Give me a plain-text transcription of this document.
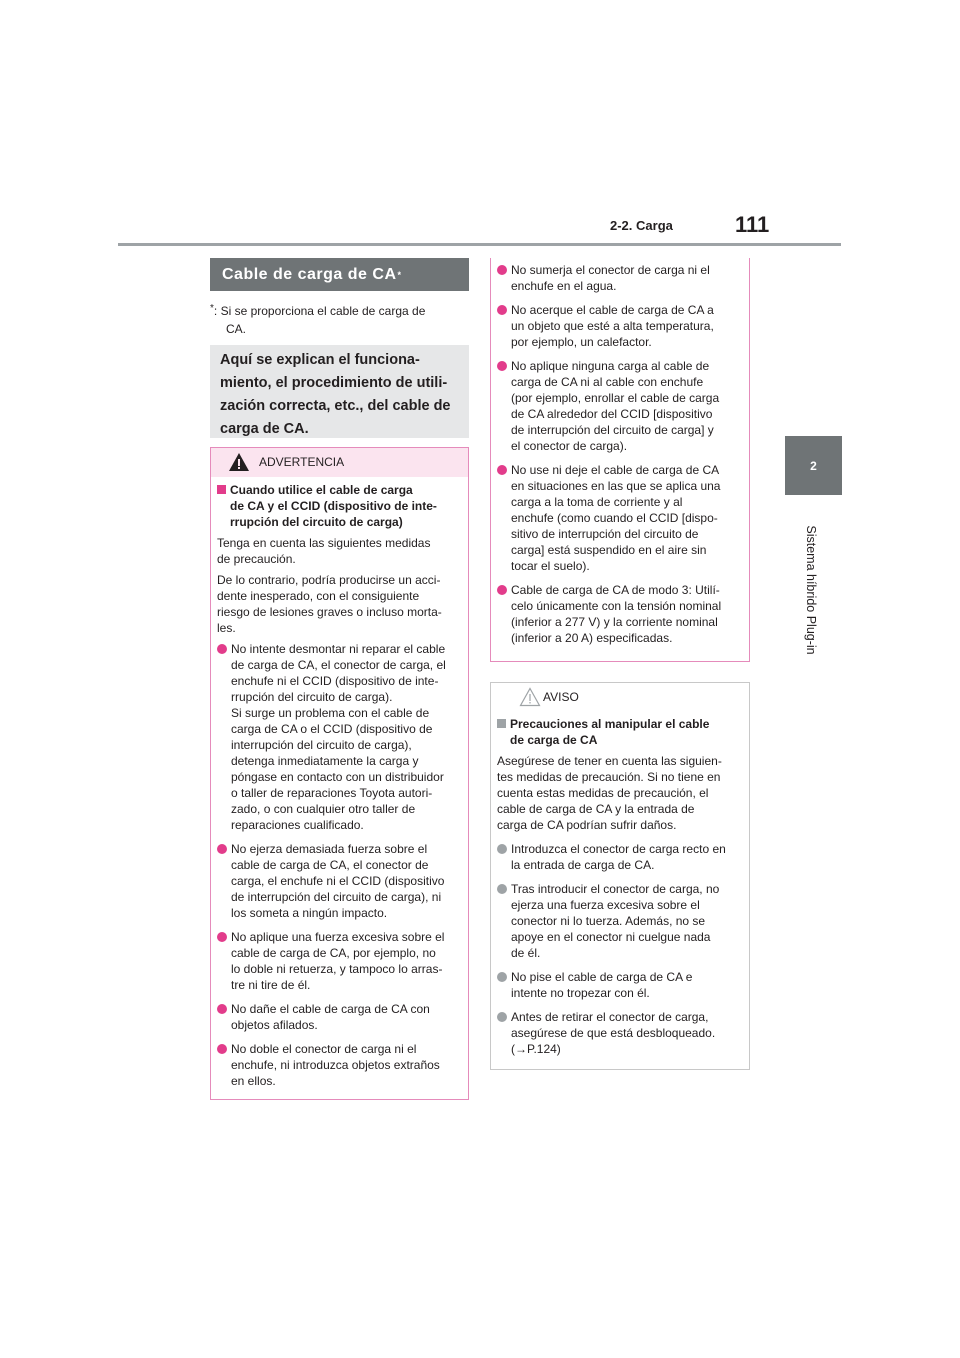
2-2. Carga	111
2
Sistema híbrido Plug-in
Cable de carga de CA *
*: Si se proporciona el cable de carga de
CA.
Aquí se explican el funciona-
miento, el procedimiento de utili-
zación correcta, etc., del cable de
carga de CA.
ADVERTENCIA
Cuando utilice el cable de carga
de CA y el CCID (dispositivo de inte-
rrupción del circuito de carga)
Tenga en cuenta las siguientes medidas
de precaución.
De lo contrario, podría producirse un acci-
dente inesperado, con el consiguiente
riesgo de lesiones graves o incluso morta-
les.
No intente desmontar ni reparar el cable
de carga de CA, el conector de carga, el
enchufe ni el CCID (dispositivo de inte-
rrupción del circuito de carga).
Si surge un problema con el cable de
carga de CA o el CCID (dispositivo de
interrupción del circuito de carga),
detenga inmediatamente la carga y
póngase en contacto con un distribuidor
o taller de reparaciones Toyota autori-
zado, o con cualquier otro taller de
reparaciones cualificado.
No ejerza demasiada fuerza sobre el
cable de carga de CA, el conector de
carga, el enchufe ni el CCID (dispositivo
de interrupción del circuito de carga), ni
los someta a ningún impacto.
No aplique una fuerza excesiva sobre el
cable de carga de CA, por ejemplo, no
lo doble ni retuerza, y tampoco lo arras-
tre ni tire de él.
No dañe el cable de carga de CA con
objetos afilados.
No doble el conector de carga ni el
enchufe, ni introduzca objetos extraños
en ellos.
No sumerja el conector de carga ni el
enchufe en el agua.
No acerque el cable de carga de CA a
un objeto que esté a alta temperatura,
por ejemplo, un calefactor.
No aplique ninguna carga al cable de
carga de CA ni al cable con enchufe
(por ejemplo, enrollar el cable de carga
de CA alrededor del CCID [dispositivo
de interrupción del circuito de carga] y
el conector de carga).
No use ni deje el cable de carga de CA
en situaciones en las que se aplica una
carga a la toma de corriente y al
enchufe (como cuando el CCID [dispo-
sitivo de interrupción del circuito de
carga] está suspendido en el aire sin
tocar el suelo).
Cable de carga de CA de modo 3: Utilí-
celo únicamente con la tensión nominal
(inferior a 277 V) y la corriente nominal
(inferior a 20 A) especificadas.
AVISO
Precauciones al manipular el cable
de carga de CA
Asegúrese de tener en cuenta las siguien-
tes medidas de precaución. Si no tiene en
cuenta estas medidas de precaución, el
cable de carga de CA y la entrada de
carga de CA podrían sufrir daños.
Introduzca el conector de carga recto en
la entrada de carga de CA.
Tras introducir el conector de carga, no
ejerza una fuerza excesiva sobre el
conector ni lo tuerza. Además, no se
apoye en el conector ni cuelgue nada
de él.
No pise el cable de carga de CA e
intente no tropezar con él.
Antes de retirar el conector de carga,
asegúrese de que está desbloqueado.
(→P.124)
